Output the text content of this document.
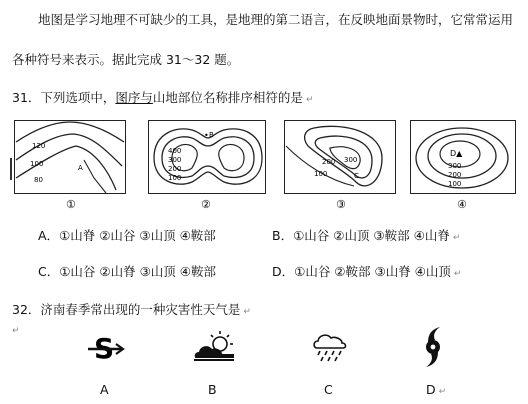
地图是学习地理不可缺少的工具，是地理的第二语言，在反映地面景物时，它常常运用
各种符号来表示。据此完成 31～32 题。
31．下列选项中，图序与山地部位名称排序相符的是 ↵
120
100
80
A
①
• B
400
300
200
100
②
300
200
100	C
③
D▲
300
200
100
④
A．①山脊 ②山谷 ③山顶 ④鞍部	B．①山谷 ②山顶 ③鞍部 ④山脊 ↵
C．①山谷 ②山脊 ③山顶 ④鞍部	D．①山谷 ②鞍部 ③山脊 ④山顶 ↵
32．济南春季常出现的一种灾害性天气是 ↵
↵
S
A	B	C	D ↵
